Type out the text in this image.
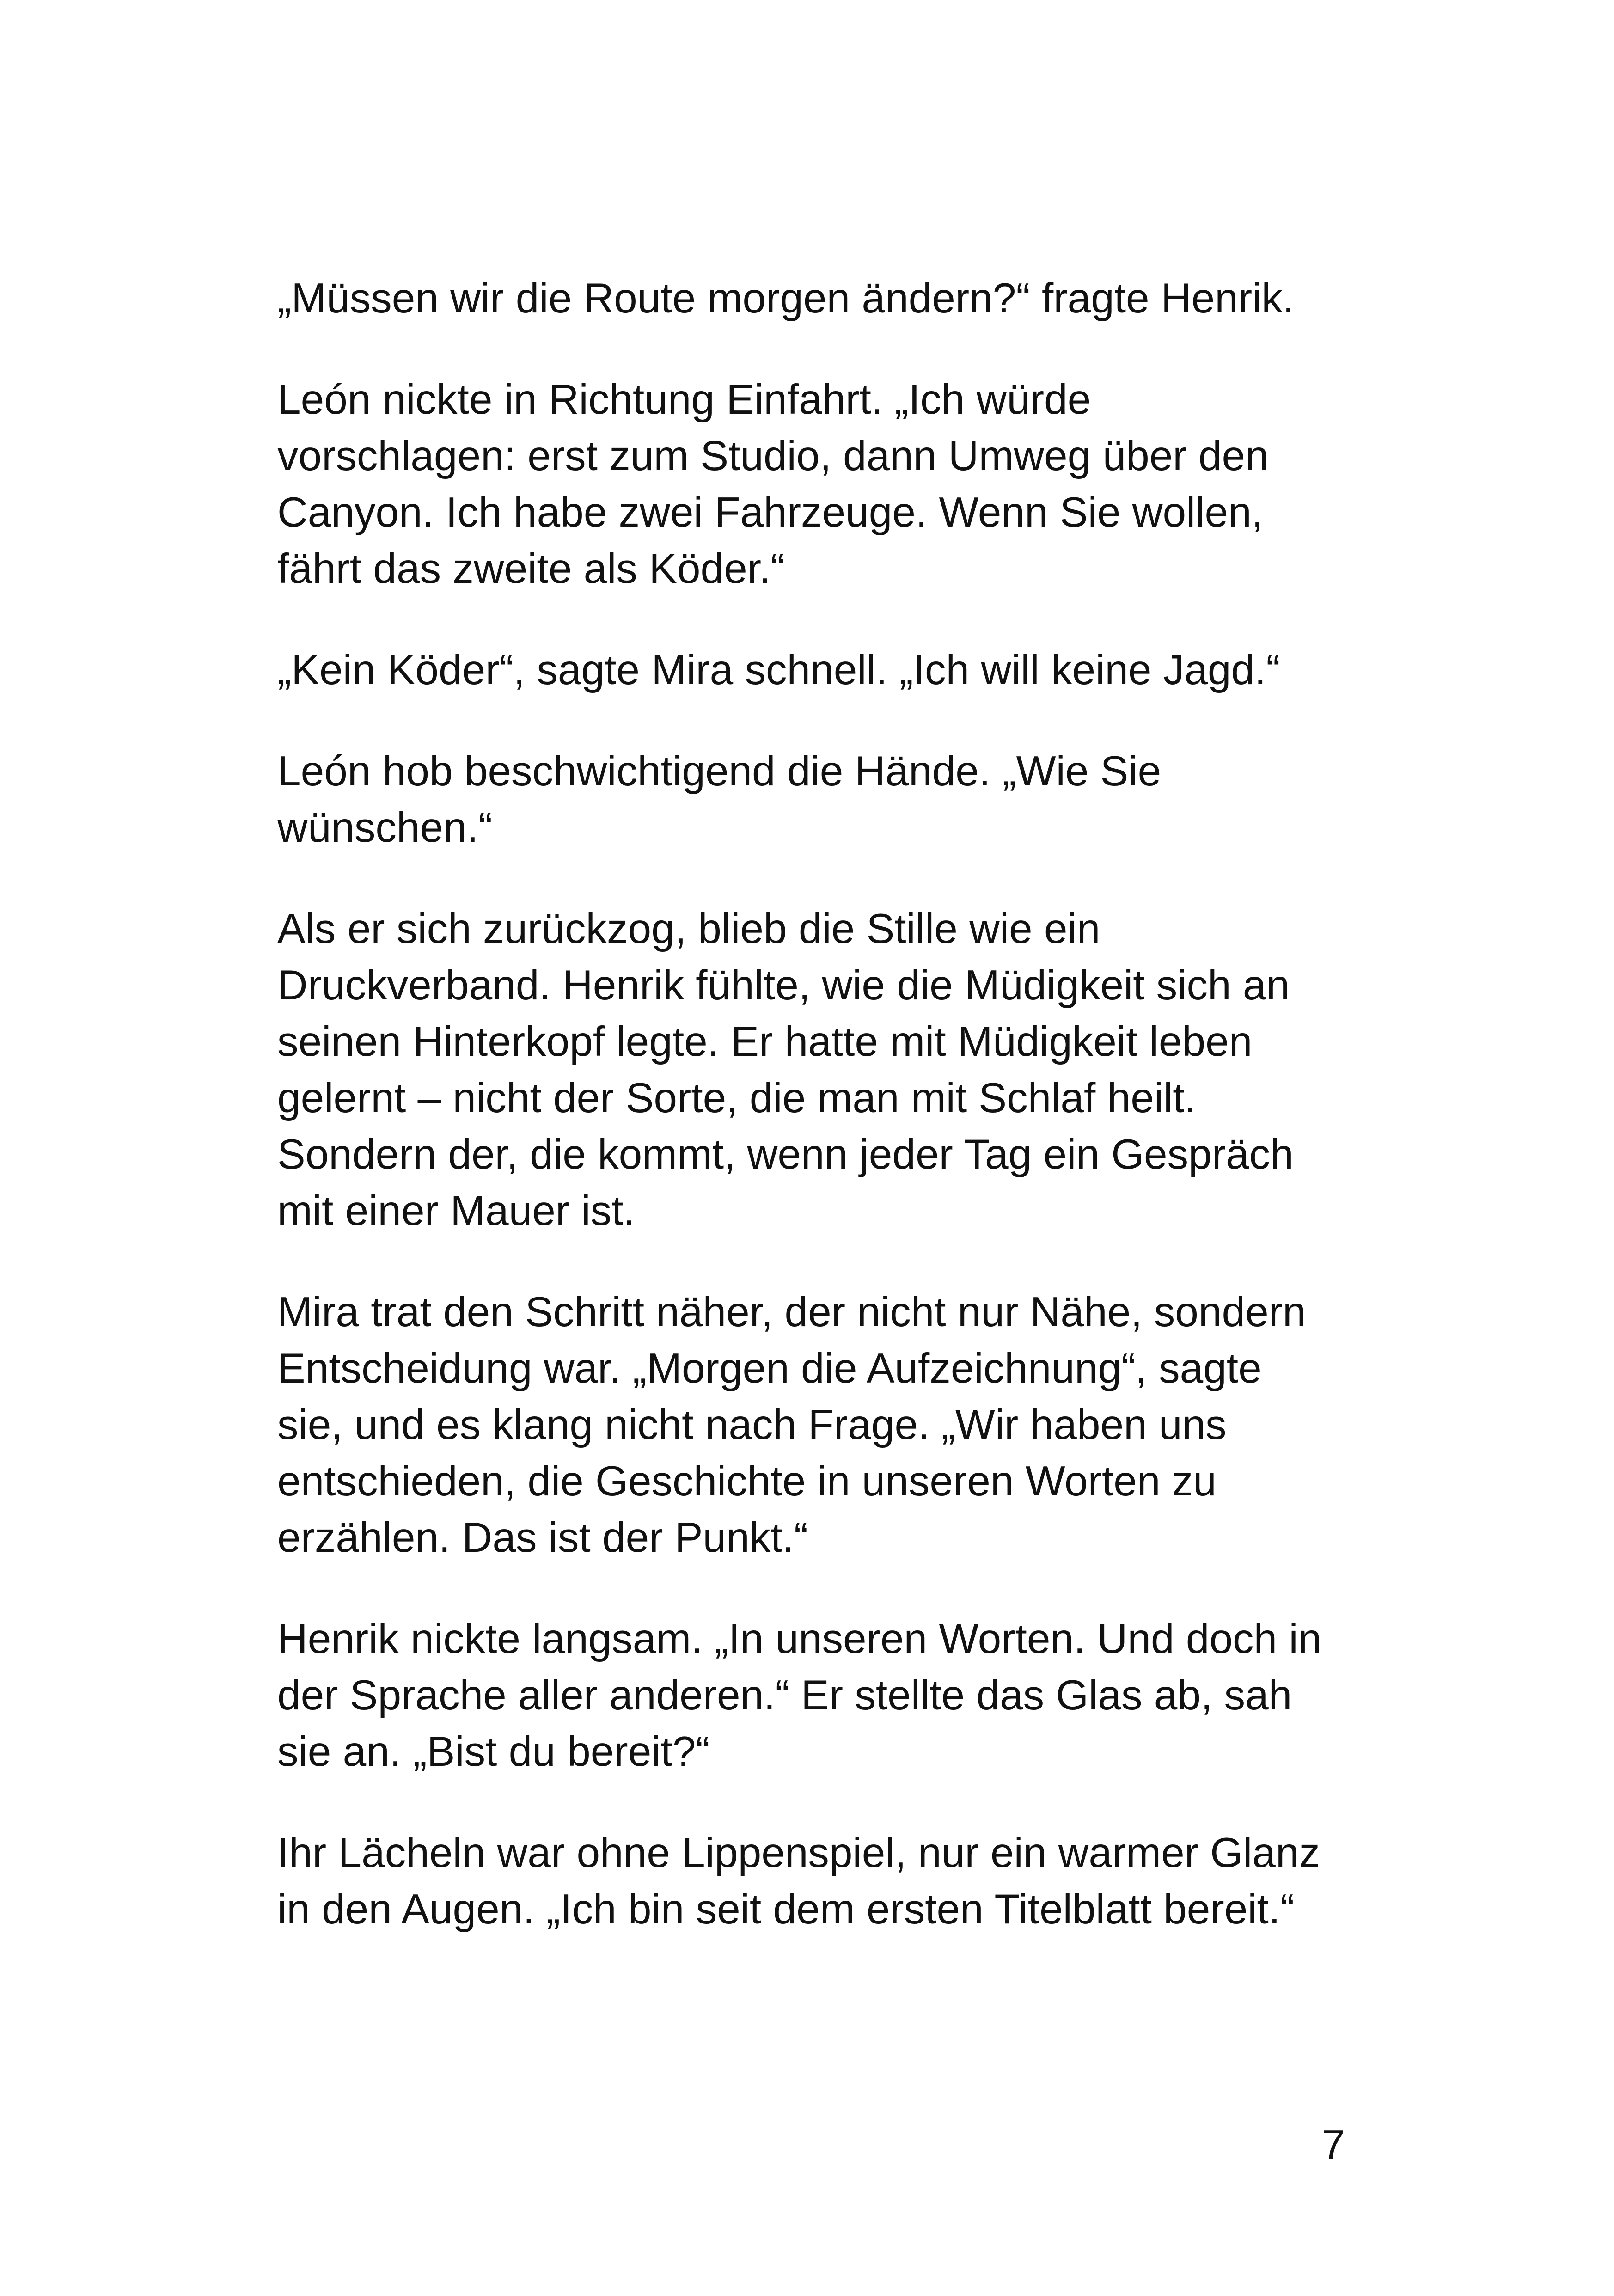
„Müssen wir die Route morgen ändern?“ fragte Henrik.

León nickte in Richtung Einfahrt. „Ich würde
vorschlagen: erst zum Studio, dann Umweg über den
Canyon. Ich habe zwei Fahrzeuge. Wenn Sie wollen,
fährt das zweite als Köder.“

„Kein Köder“, sagte Mira schnell. „Ich will keine Jagd.“

León hob beschwichtigend die Hände. „Wie Sie
wünschen.“

Als er sich zurückzog, blieb die Stille wie ein
Druckverband. Henrik fühlte, wie die Müdigkeit sich an
seinen Hinterkopf legte. Er hatte mit Müdigkeit leben
gelernt – nicht der Sorte, die man mit Schlaf heilt.
Sondern der, die kommt, wenn jeder Tag ein Gespräch
mit einer Mauer ist.

Mira trat den Schritt näher, der nicht nur Nähe, sondern
Entscheidung war. „Morgen die Aufzeichnung“, sagte
sie, und es klang nicht nach Frage. „Wir haben uns
entschieden, die Geschichte in unseren Worten zu
erzählen. Das ist der Punkt.“

Henrik nickte langsam. „In unseren Worten. Und doch in
der Sprache aller anderen.“ Er stellte das Glas ab, sah
sie an. „Bist du bereit?“

Ihr Lächeln war ohne Lippenspiel, nur ein warmer Glanz
in den Augen. „Ich bin seit dem ersten Titelblatt bereit.“

7
